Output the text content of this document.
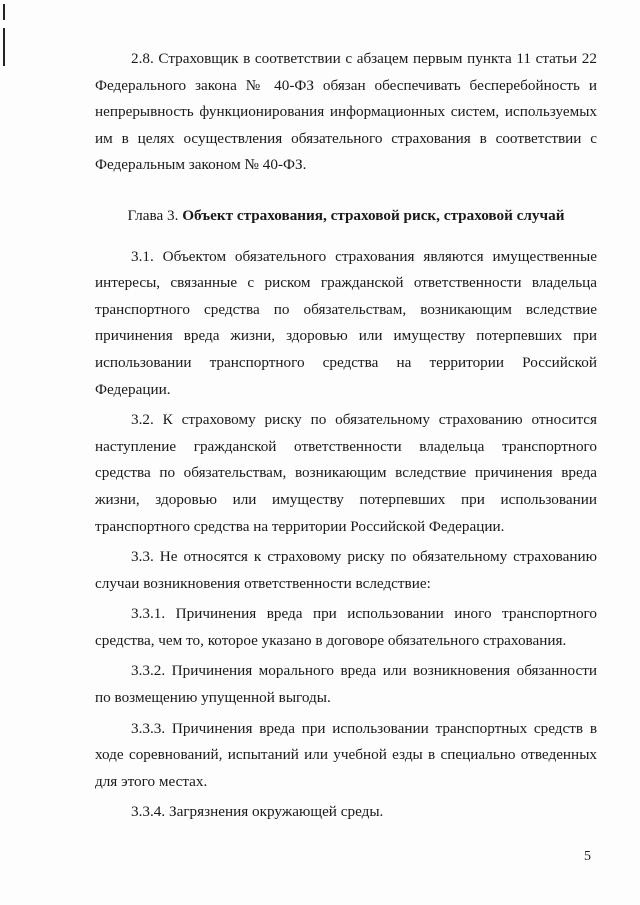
2.8. Страховщик в соответствии с абзацем первым пункта 11 статьи 22 Федерального закона № 40-ФЗ обязан обеспечивать бесперебойность и непрерывность функционирования информационных систем, используемых им в целях осуществления обязательного страхования в соответствии с Федеральным законом № 40-ФЗ.

Глава 3. Объект страхования, страховой риск, страховой случай

3.1. Объектом обязательного страхования являются имущественные интересы, связанные с риском гражданской ответственности владельца транспортного средства по обязательствам, возникающим вследствие причинения вреда жизни, здоровью или имуществу потерпевших при использовании транспортного средства на территории Российской Федерации.

3.2. К страховому риску по обязательному страхованию относится наступление гражданской ответственности владельца транспортного средства по обязательствам, возникающим вследствие причинения вреда жизни, здоровью или имуществу потерпевших при использовании транспортного средства на территории Российской Федерации.

3.3. Не относятся к страховому риску по обязательному страхованию случаи возникновения ответственности вследствие:

3.3.1. Причинения вреда при использовании иного транспортного средства, чем то, которое указано в договоре обязательного страхования.

3.3.2. Причинения морального вреда или возникновения обязанности по возмещению упущенной выгоды.

3.3.3. Причинения вреда при использовании транспортных средств в ходе соревнований, испытаний или учебной езды в специально отведенных для этого местах.

3.3.4. Загрязнения окружающей среды.

5
